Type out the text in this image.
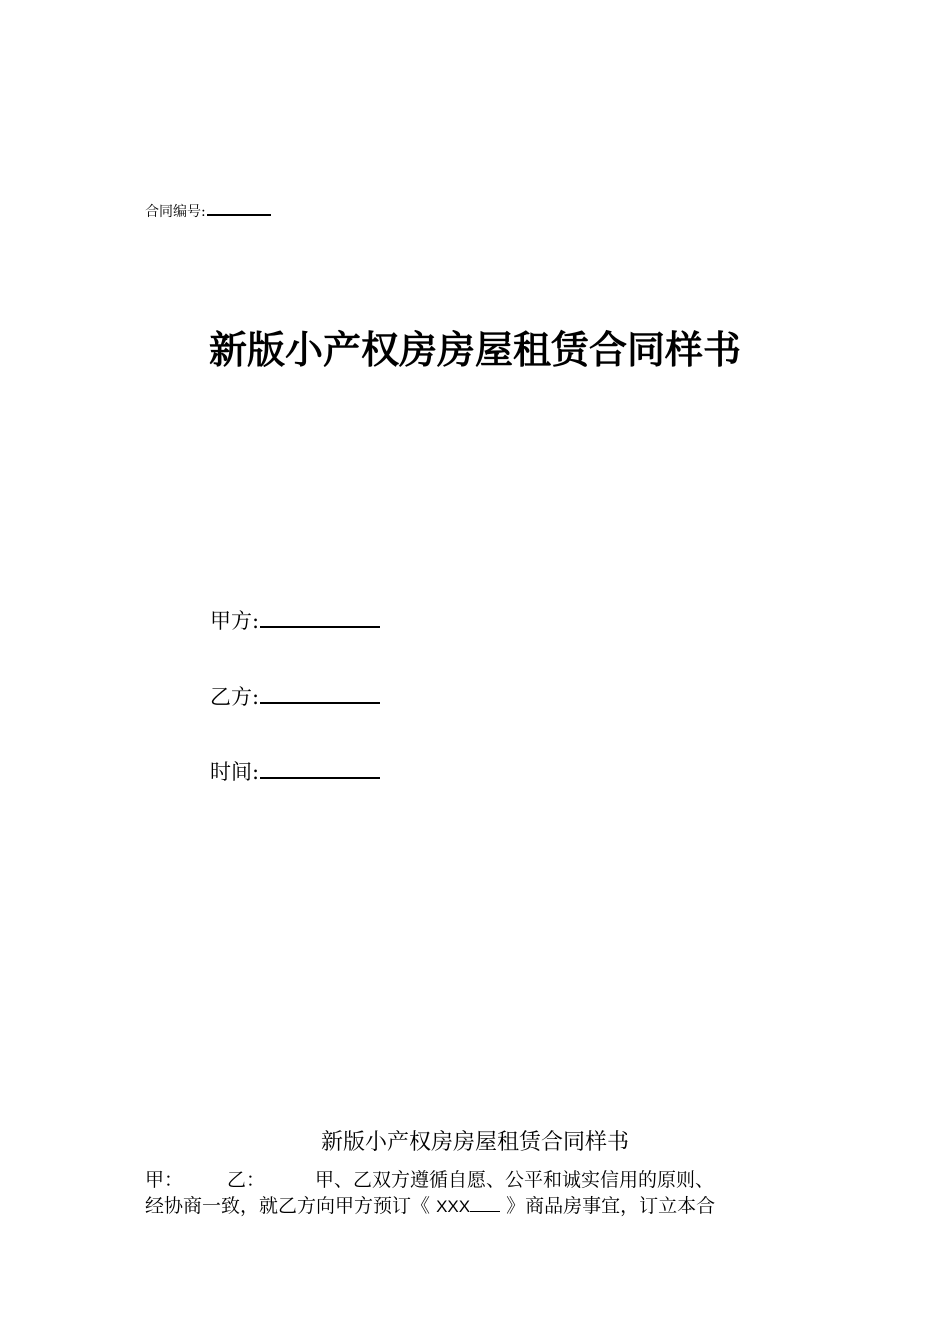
合同编号:
新版小产权房房屋租赁合同样书
甲方:
乙方:
时间:
新版小产权房房屋租赁合同样书
甲： 乙：	甲、乙双方遵循自愿、公平和诚实信用的原则、
经协商一致，就乙方向甲方预订《 XXX 》商品房事宜，订立本合
